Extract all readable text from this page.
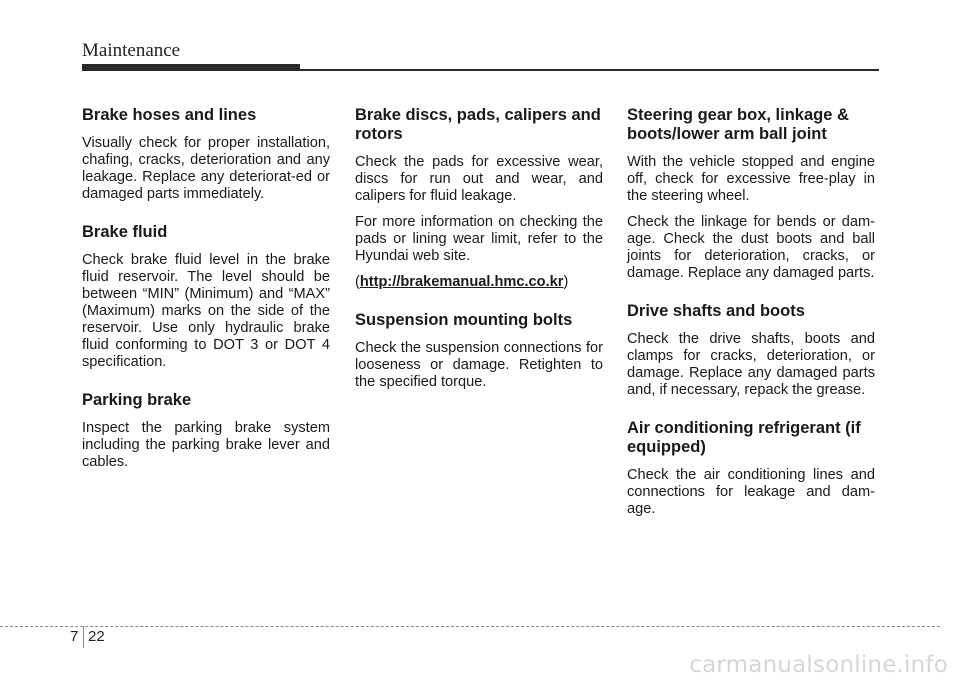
Maintenance
Brake hoses and lines

Visually check for proper installation, chafing, cracks, deterioration and any leakage. Replace any deteriorat-ed or damaged parts immediately.

Brake fluid

Check brake fluid level in the brake fluid reservoir. The level should be between “MIN” (Minimum) and “MAX” (Maximum) marks on the side of the reservoir. Use only hydraulic brake fluid conforming to DOT 3 or DOT 4 specification.

Parking brake

Inspect the parking brake system including the parking brake lever and cables.

Brake discs, pads, calipers and rotors

Check the pads for excessive wear, discs for run out and wear, and calipers for fluid leakage.

For more information on checking the pads or lining wear limit, refer to the Hyundai web site.

(http://brakemanual.hmc.co.kr)
Suspension mounting bolts

Check the suspension connections for looseness or damage. Retighten to the specified torque.

Steering gear box, linkage & boots/lower arm ball joint

With the vehicle stopped and engine off, check for excessive free-play in the steering wheel.

Check the linkage for bends or dam-age. Check the dust boots and ball joints for deterioration, cracks, or damage. Replace any damaged parts.

Drive shafts and boots

Check the drive shafts, boots and clamps for cracks, deterioration, or damage. Replace any damaged parts and, if necessary, repack the grease.

Air conditioning refrigerant (if equipped)

Check the air conditioning lines and connections for leakage and dam-age.

7 22
carmanualsonline.info
